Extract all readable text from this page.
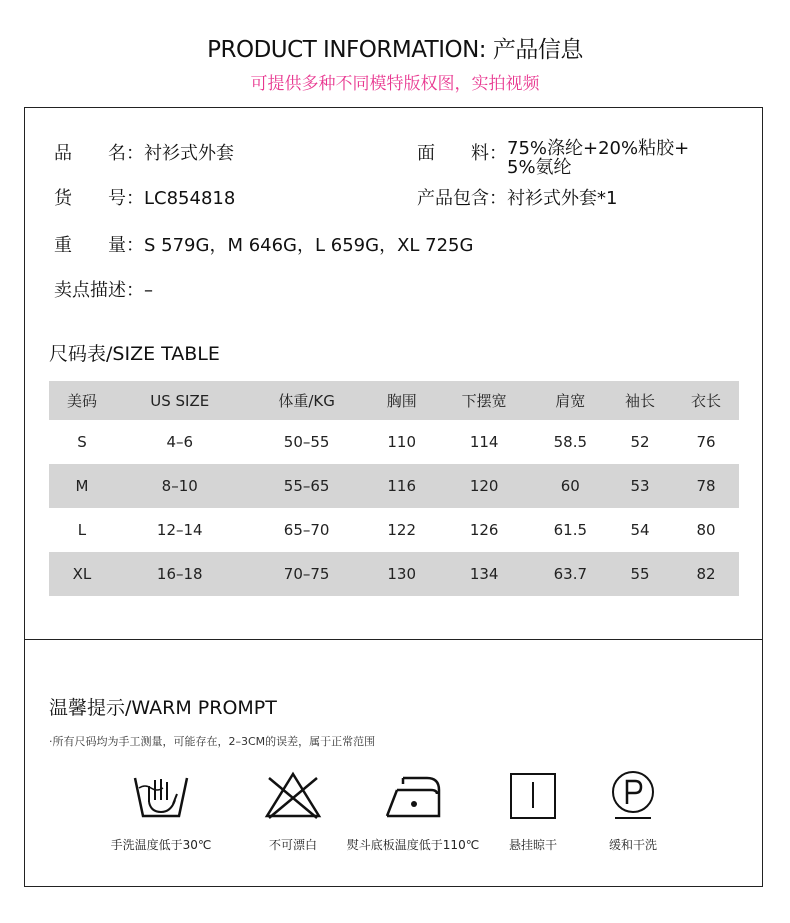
PRODUCT INFORMATION: 产品信息
可提供多种不同模特版权图，实拍视频
品　　名：衬衫式外套	面　　料：75%涤纶+20%粘胶+
5%氨纶
货　　号：LC854818	产品包含：衬衫式外套*1
重　　量：S 579G，M 646G，L 659G，XL 725G
卖点描述：–
尺码表/SIZE TABLE
美码	US SIZE	体重/KG	胸围	下摆宽	肩宽	袖长	衣长
S	4–6	50–55	110	114	58.5	52	76
M	8–10	55–65	116	120	60	53	78
L	12–14	65–70	122	126	61.5	54	80
XL	16–18	70–75	130	134	63.7	55	82
温馨提示/WARM PROMPT
·所有尺码均为手工测量，可能存在，2–3CM的误差，属于正常范围
手洗温度低于30℃	不可漂白	熨斗底板温度低于110℃	悬挂晾干	缓和干洗
